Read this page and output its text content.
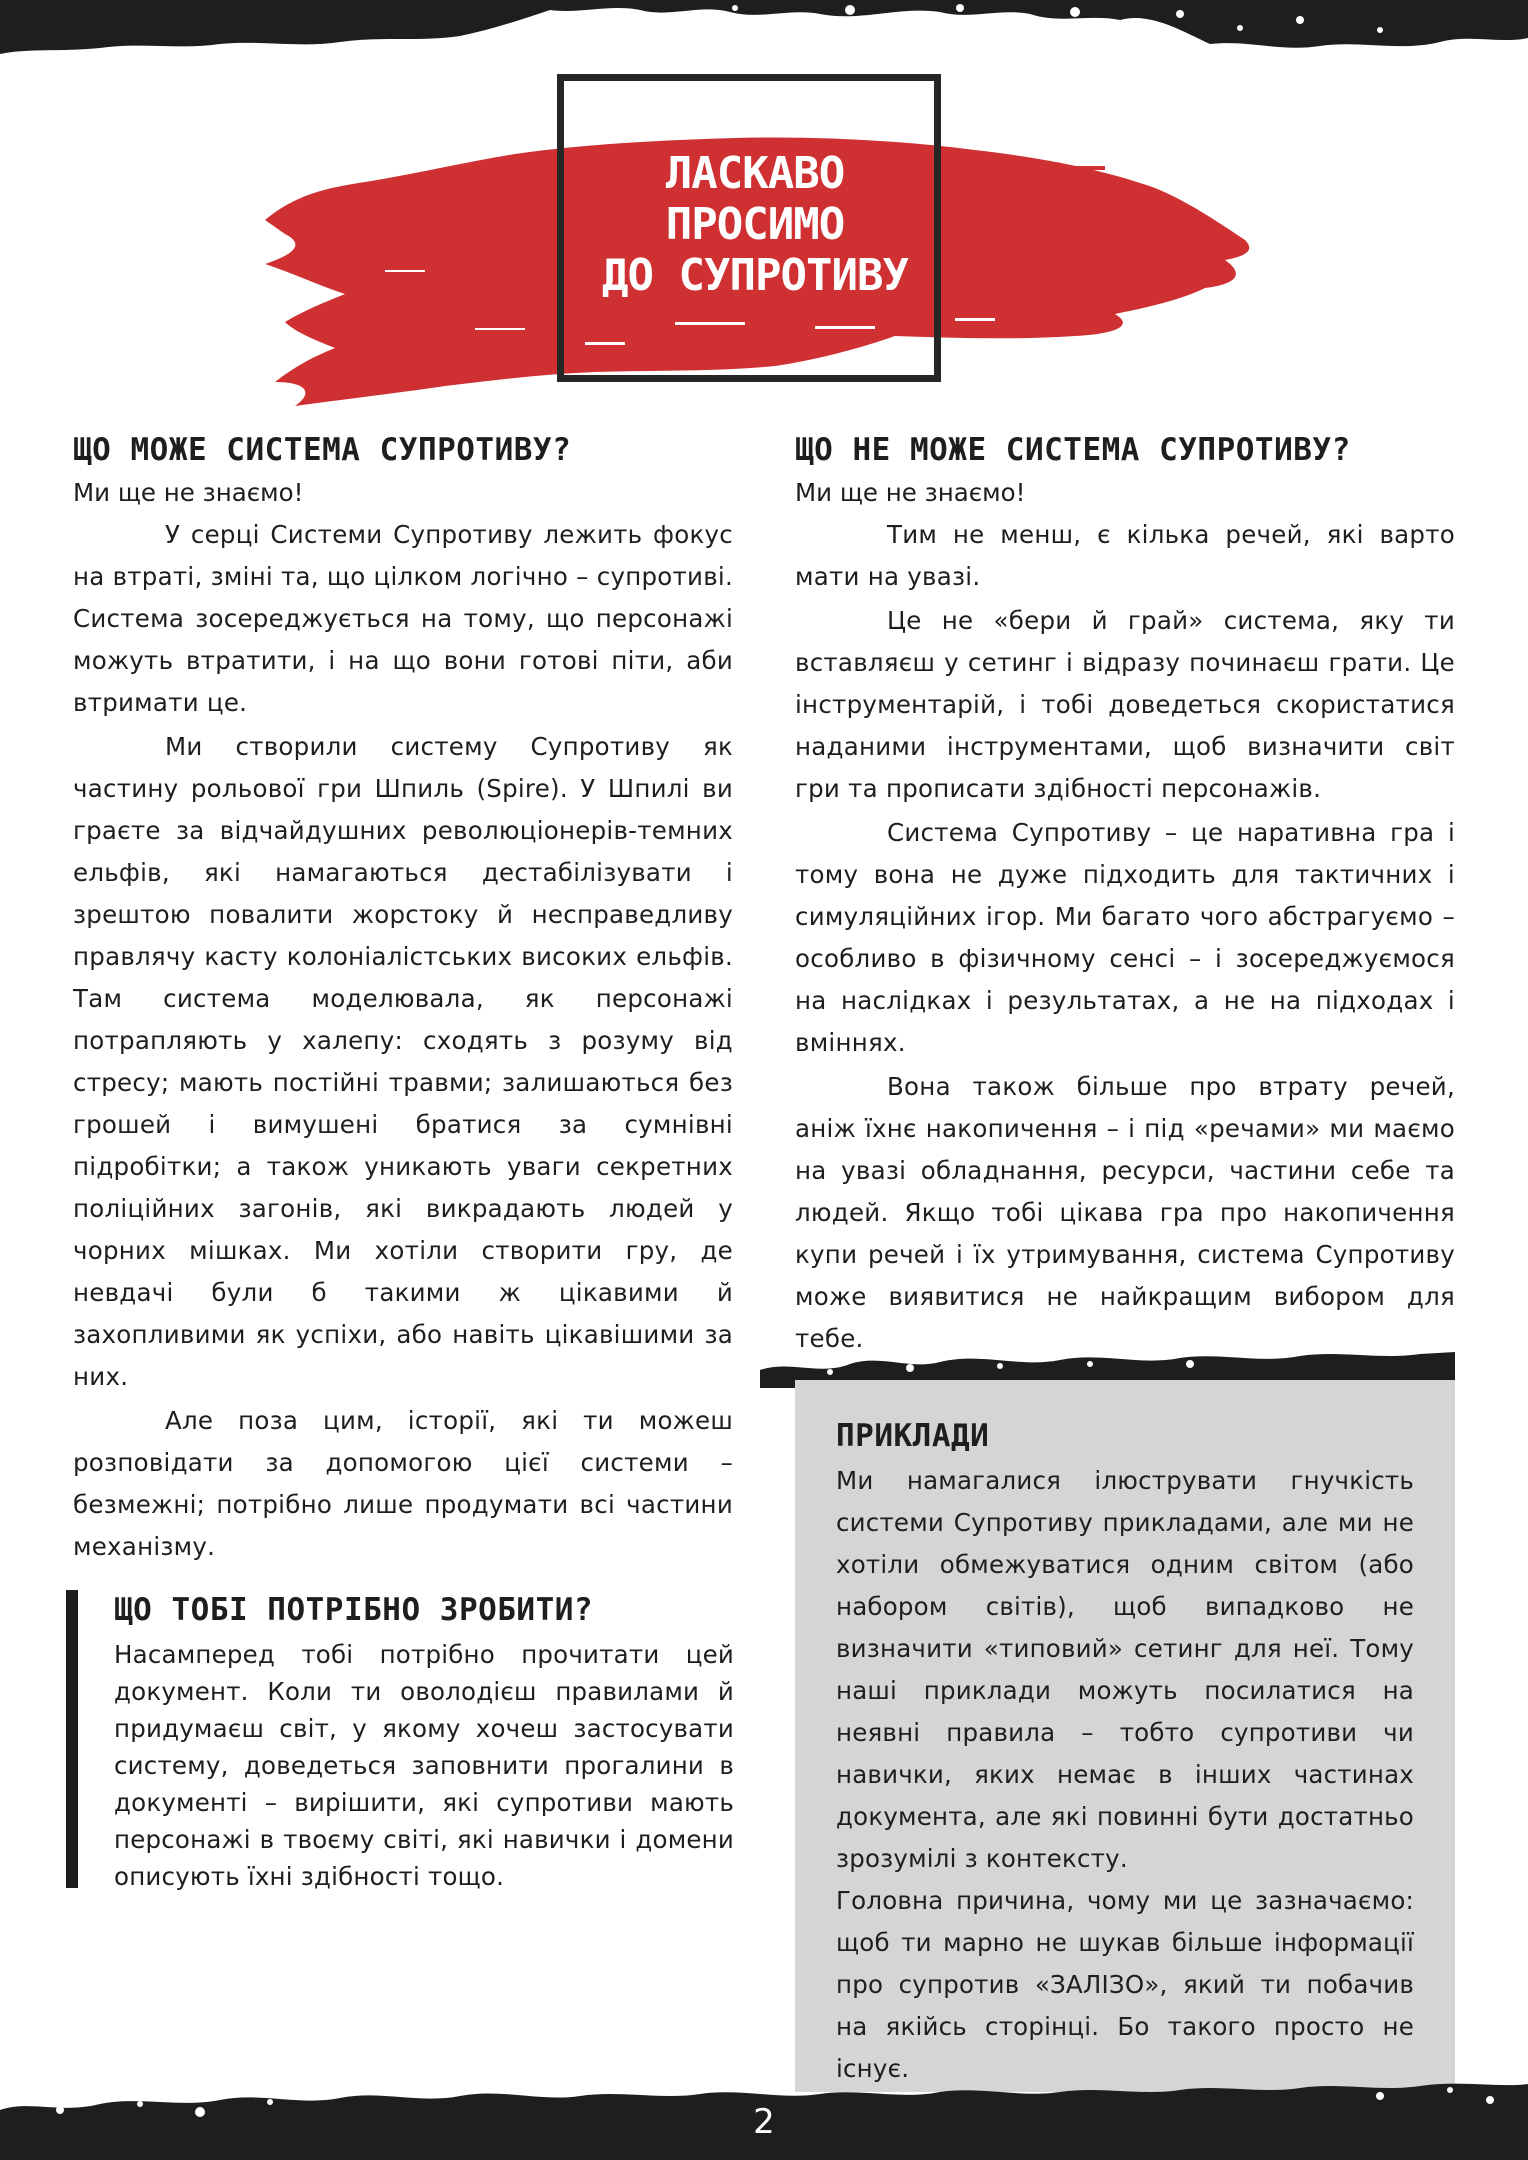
ЛАСКАВО
ПРОСИМО
ДО СУПРОТИВУ
ЩО МОЖЕ СИСТЕМА СУПРОТИВУ?

Ми ще не знаємо!

У серці Системи Супротиву лежить фокус на втраті, зміні та, що цілком логічно – супротиві. Система зосереджується на тому, що персонажі можуть втратити, і на що вони готові піти, аби втримати це.

Ми створили систему Супротиву як частину рольової гри Шпиль (Spire). У Шпилі ви граєте за відчайдушних революціонерів-темних ельфів, які намагаються дестабілізувати і зрештою повалити жорстоку й несправедливу правлячу касту колоніалістських високих ельфів. Там система моделювала, як персонажі потрапляють у халепу: сходять з розуму від стресу; мають постійні травми; залишаються без грошей і вимушені братися за сумнівні підробітки; а також уникають уваги секретних поліційних загонів, які викрадають людей у чорних мішках. Ми хотіли створити гру, де невдачі були б такими ж цікавими й захопливими як успіхи, або навіть цікавішими за них.

Але поза цим, історії, які ти можеш розповідати за допомогою цієї системи – безмежні; потрібно лише продумати всі частини механізму.

ЩО ТОБІ ПОТРІБНО ЗРОБИТИ?

Насамперед тобі потрібно прочитати цей документ. Коли ти оволодієш правилами й придумаєш світ, у якому хочеш застосувати систему, доведеться заповнити прогалини в документі – вирішити, які супротиви мають персонажі в твоєму світі, які навички і домени описують їхні здібності тощо.

ЩО НЕ МОЖЕ СИСТЕМА СУПРОТИВУ?

Ми ще не знаємо!

Тим не менш, є кілька речей, які варто мати на увазі.

Це не «бери й грай» система, яку ти вставляєш у сетинг і відразу починаєш грати. Це інструментарій, і тобі доведеться скористатися наданими інструментами, щоб визначити світ гри та прописати здібності персонажів.

Система Супротиву – це наративна гра і тому вона не дуже підходить для тактичних і симуляційних ігор. Ми багато чого абстрагуємо – особливо в фізичному сенсі – і зосереджуємося на наслідках і результатах, а не на підходах і вміннях.

Вона також більше про втрату речей, аніж їхнє накопичення – і під «речами» ми маємо на увазі обладнання, ресурси, частини себе та людей. Якщо тобі цікава гра про накопичення купи речей і їх утримування, система Супротиву може виявитися не найкращим вибором для тебе.

ПРИКЛАДИ

Ми намагалися ілюструвати гнучкість системи Супротиву прикладами, але ми не хотіли обмежуватися одним світом (або набором світів), щоб випадково не визначити «типовий» сетинг для неї. Тому наші приклади можуть посилатися на неявні правила – тобто супротиви чи навички, яких немає в інших частинах документа, але які повинні бути достатньо зрозумілі з контексту.

Головна причина, чому ми це зазначаємо: щоб ти марно не шукав більше інформації про супротив «ЗАЛІЗО», який ти побачив на якійсь сторінці. Бо такого просто не існує.

2
